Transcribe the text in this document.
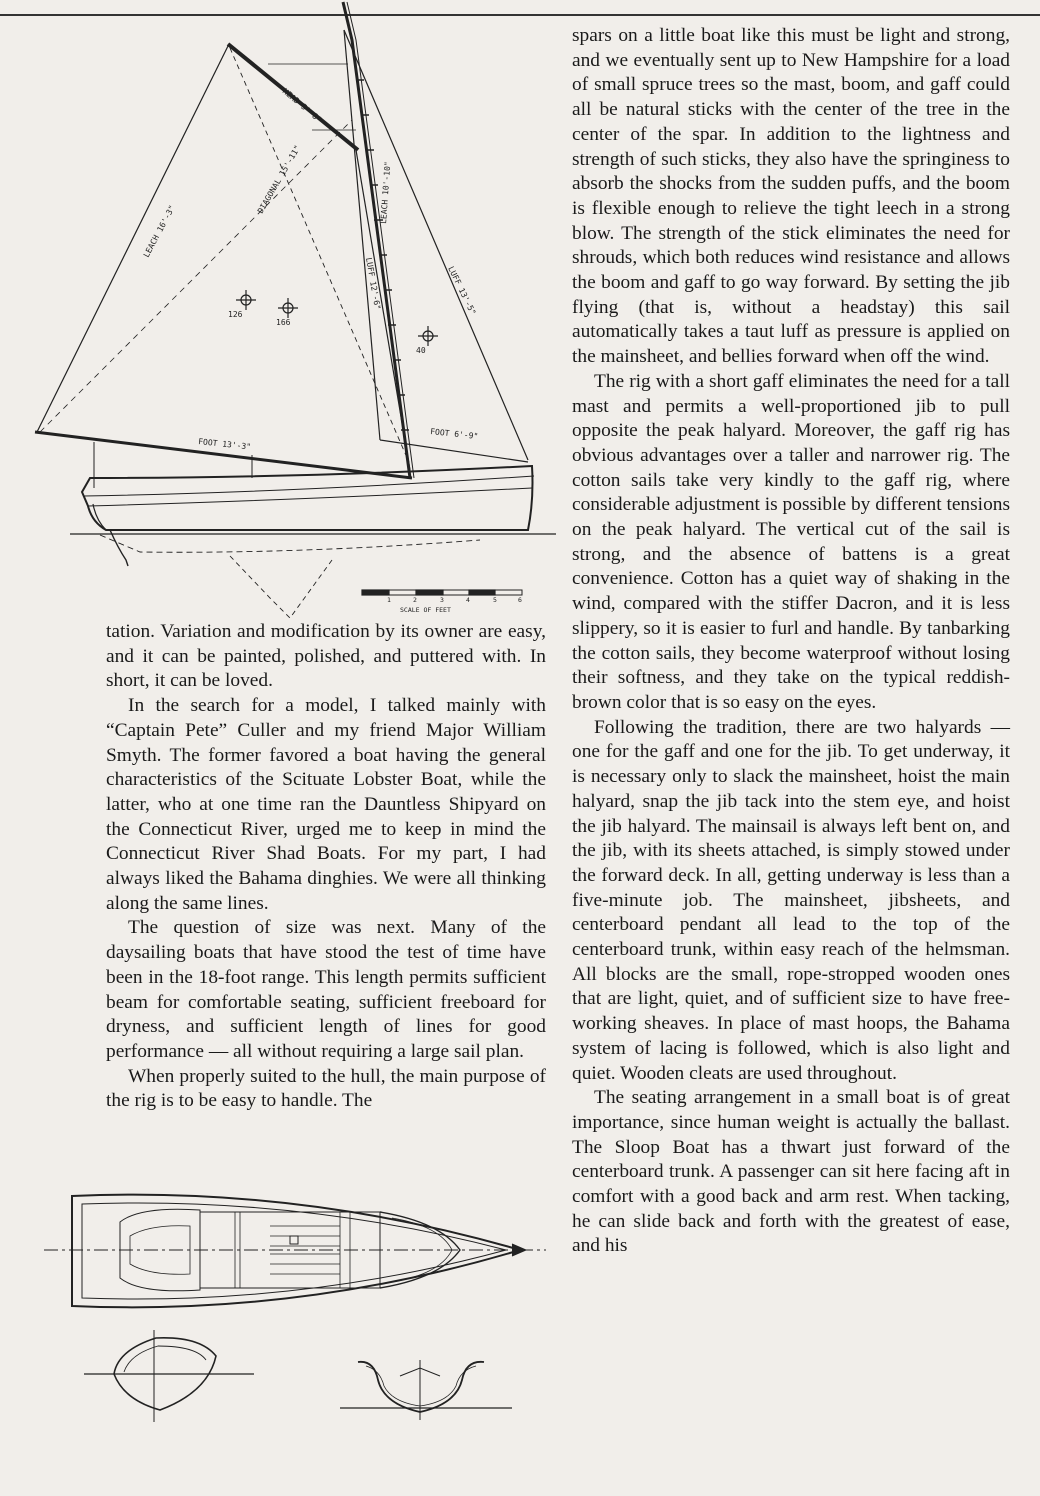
HEAD 5'-8"
LEACH 16'-3"
DIAGONAL 15'-11"	LEACH 10'-10"
LUFF 12'-6"	LUFF 13'-5"
FOOT 13'-3"
FOOT 6'-9"
126
166
40
1	2	3	4	5	6
SCALE OF FEET

tation. Variation and modification by its owner are easy, and it can be painted, polished, and puttered with. In short, it can be loved.

In the search for a model, I talked mainly with “Captain Pete” Culler and my friend Major William Smyth. The former favored a boat having the general characteristics of the Scituate Lobster Boat, while the latter, who at one time ran the Dauntless Shipyard on the Connecticut River, urged me to keep in mind the Connecticut River Shad Boats. For my part, I had always liked the Bahama dinghies. We were all thinking along the same lines.

The question of size was next. Many of the daysailing boats that have stood the test of time have been in the 18-foot range. This length permits sufficient beam for comfortable seating, sufficient freeboard for dryness, and sufficient length of lines for good performance — all without requiring a large sail plan.

When properly suited to the hull, the main purpose of the rig is to be easy to handle. The

spars on a little boat like this must be light and strong, and we eventually sent up to New Hampshire for a load of small spruce trees so the mast, boom, and gaff could all be natural sticks with the center of the tree in the center of the spar. In addition to the lightness and strength of such sticks, they also have the springiness to absorb the shocks from the sudden puffs, and the boom is flexible enough to relieve the tight leech in a strong blow. The strength of the stick eliminates the need for shrouds, which both reduces wind resistance and allows the boom and gaff to go way forward. By setting the jib flying (that is, without a headstay) this sail automatically takes a taut luff as pressure is applied on the mainsheet, and bellies forward when off the wind.

The rig with a short gaff eliminates the need for a tall mast and permits a well-proportioned jib to pull opposite the peak halyard. Moreover, the gaff rig has obvious advantages over a taller and narrower rig. The cotton sails take very kindly to the gaff rig, where considerable adjustment is possible by different tensions on the peak halyard. The vertical cut of the sail is strong, and the absence of battens is a great convenience. Cotton has a quiet way of shaking in the wind, compared with the stiffer Dacron, and it is less slippery, so it is easier to furl and handle. By tanbarking the cotton sails, they become waterproof without losing their softness, and they take on the typical reddish-brown color that is so easy on the eyes.

Following the tradition, there are two halyards — one for the gaff and one for the jib. To get underway, it is necessary only to slack the mainsheet, hoist the main halyard, snap the jib tack into the stem eye, and hoist the jib halyard. The mainsail is always left bent on, and the jib, with its sheets attached, is simply stowed under the forward deck. In all, getting underway is less than a five-minute job. The mainsheet, jibsheets, and centerboard pendant all lead to the top of the centerboard trunk, within easy reach of the helmsman. All blocks are the small, rope-stropped wooden ones that are light, quiet, and of sufficient size to have free-working sheaves. In place of mast hoops, the Bahama system of lacing is followed, which is also light and quiet. Wooden cleats are used throughout.

The seating arrangement in a small boat is of great importance, since human weight is actually the ballast. The Sloop Boat has a thwart just forward of the centerboard trunk. A passenger can sit here facing aft in comfort with a good back and arm rest. When tacking, he can slide back and forth with the greatest of ease, and his
